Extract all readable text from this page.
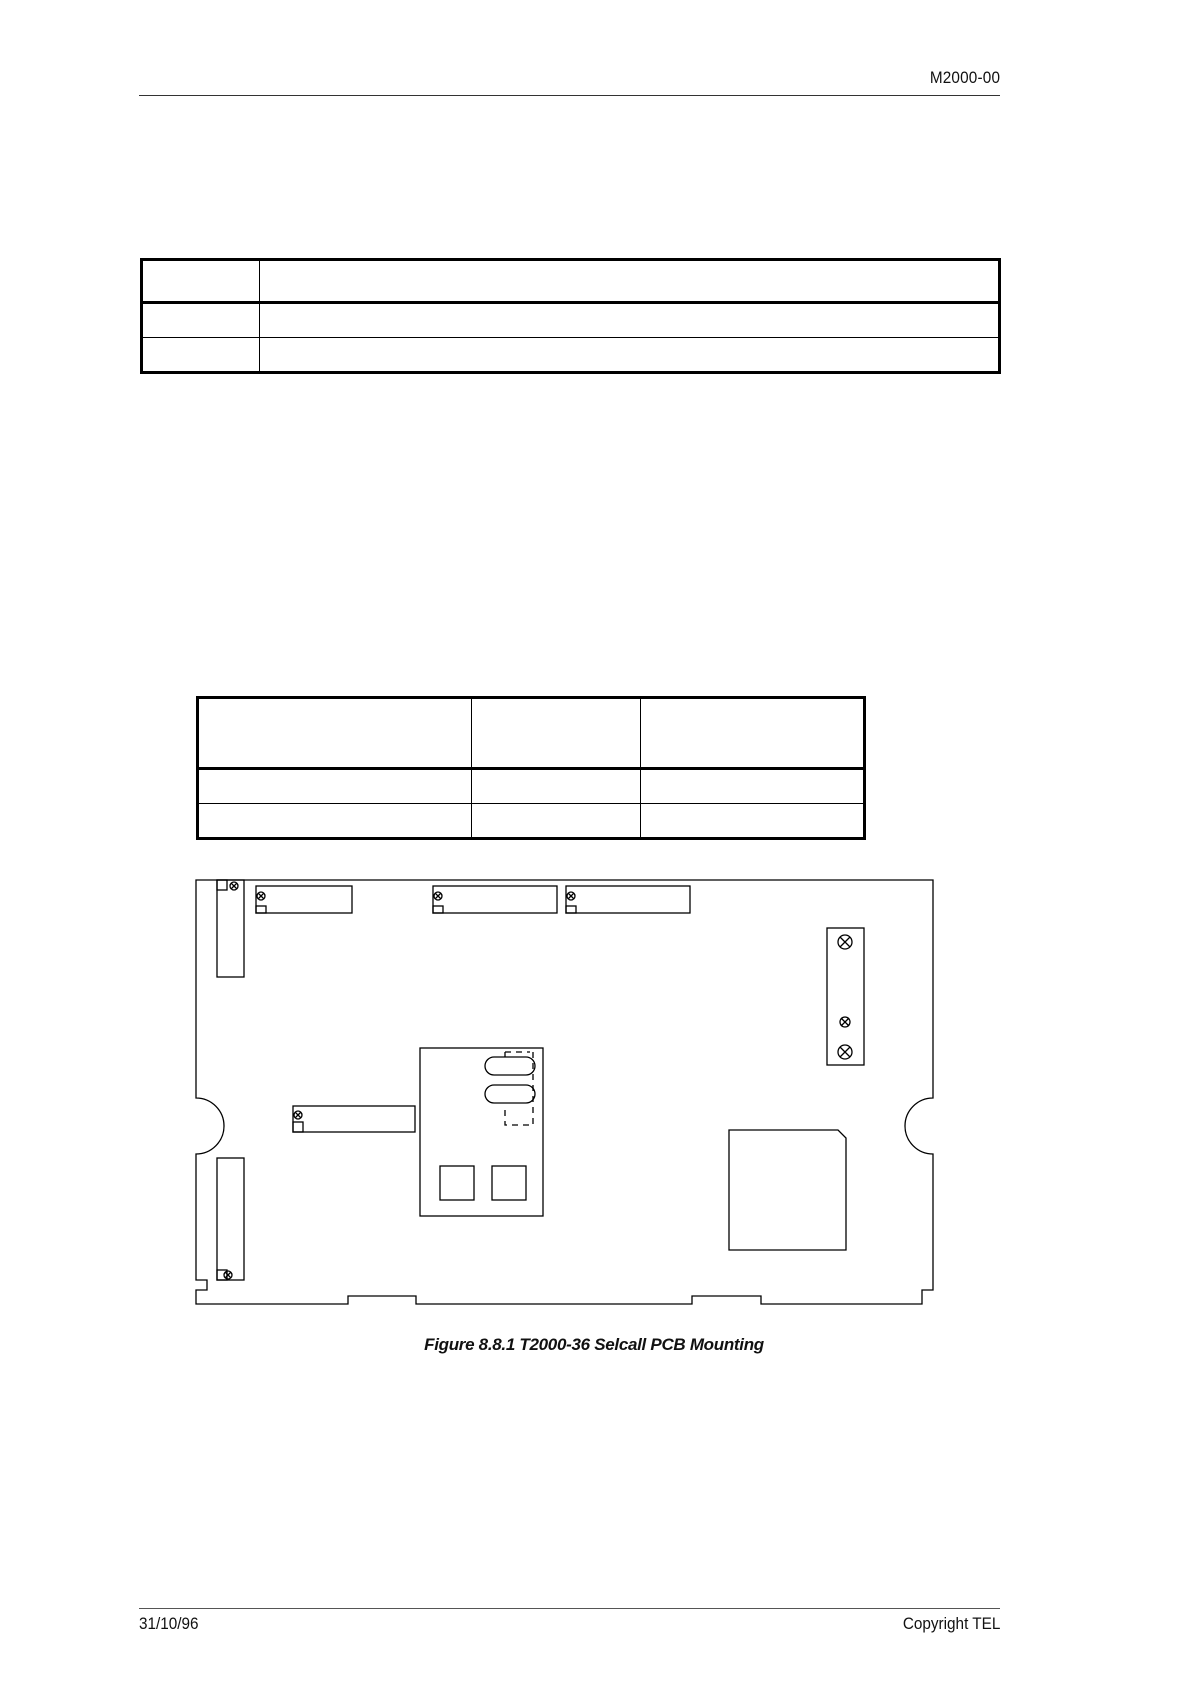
M2000-00

Figure 8.8.1 T2000-36 Selcall PCB Mounting
31/10/96	Copyright TEL
